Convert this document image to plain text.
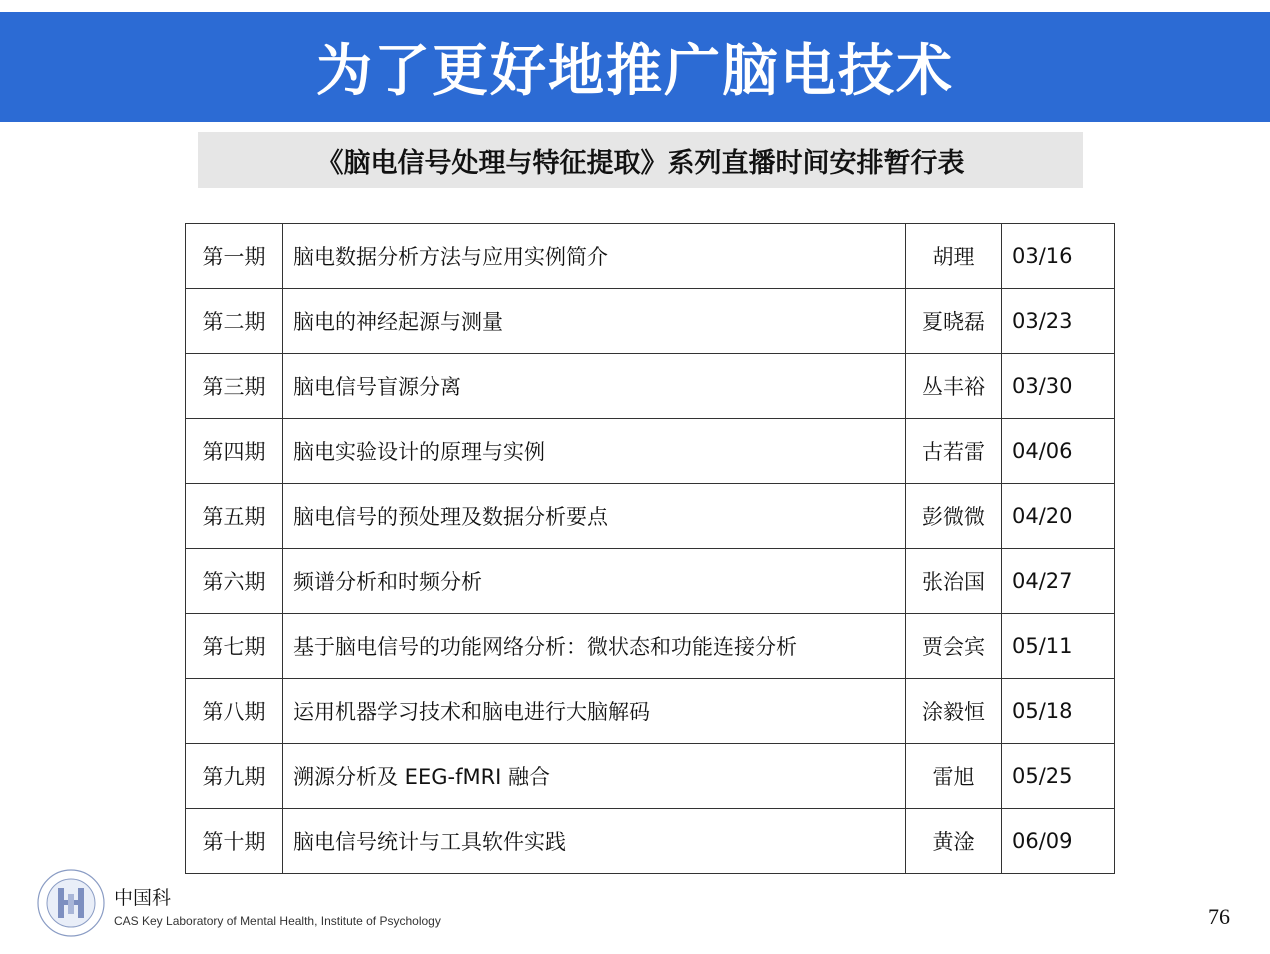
为了更好地推广脑电技术
《脑电信号处理与特征提取》系列直播时间安排暂行表
第一期	脑电数据分析方法与应用实例简介	胡理	03/16
第二期	脑电的神经起源与测量	夏晓磊	03/23
第三期	脑电信号盲源分离	丛丰裕	03/30
第四期	脑电实验设计的原理与实例	古若雷	04/06
第五期	脑电信号的预处理及数据分析要点	彭微微	04/20
第六期	频谱分析和时频分析	张治国	04/27
第七期	基于脑电信号的功能网络分析：微状态和功能连接分析	贾会宾	05/11
第八期	运用机器学习技术和脑电进行大脑解码	涂毅恒	05/18
第九期	溯源分析及 EEG-fMRI 融合	雷旭	05/25
第十期	脑电信号统计与工具软件实践	黄淦	06/09
中国科
CAS Key Laboratory of Mental Health, Institute of Psychology	76
